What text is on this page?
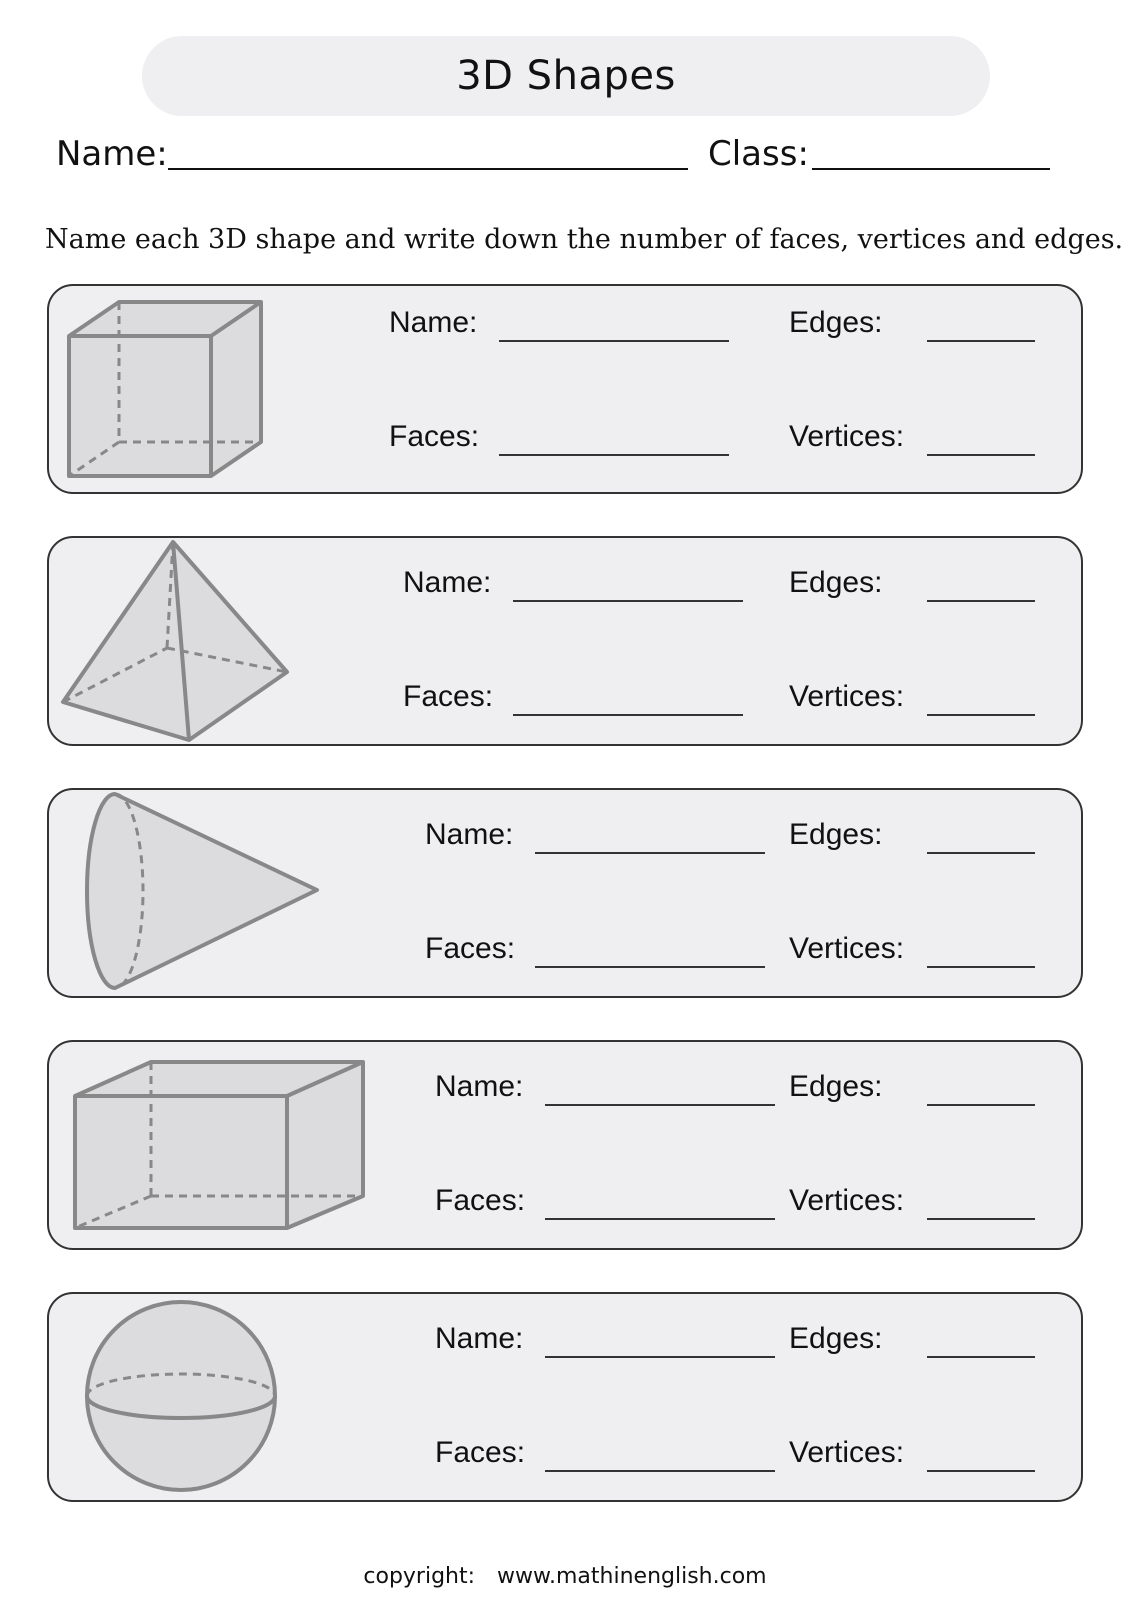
3D Shapes
Name:	Class:
Name each 3D shape and write down the number of faces, vertices and edges.
Name:
Faces:
Edges:
Vertices:
Name:
Faces:
Edges:
Vertices:
Name:
Faces:
Edges:
Vertices:
Name:
Faces:
Edges:
Vertices:
Name:
Faces:
Edges:
Vertices:
copyright: www.mathinenglish.com
